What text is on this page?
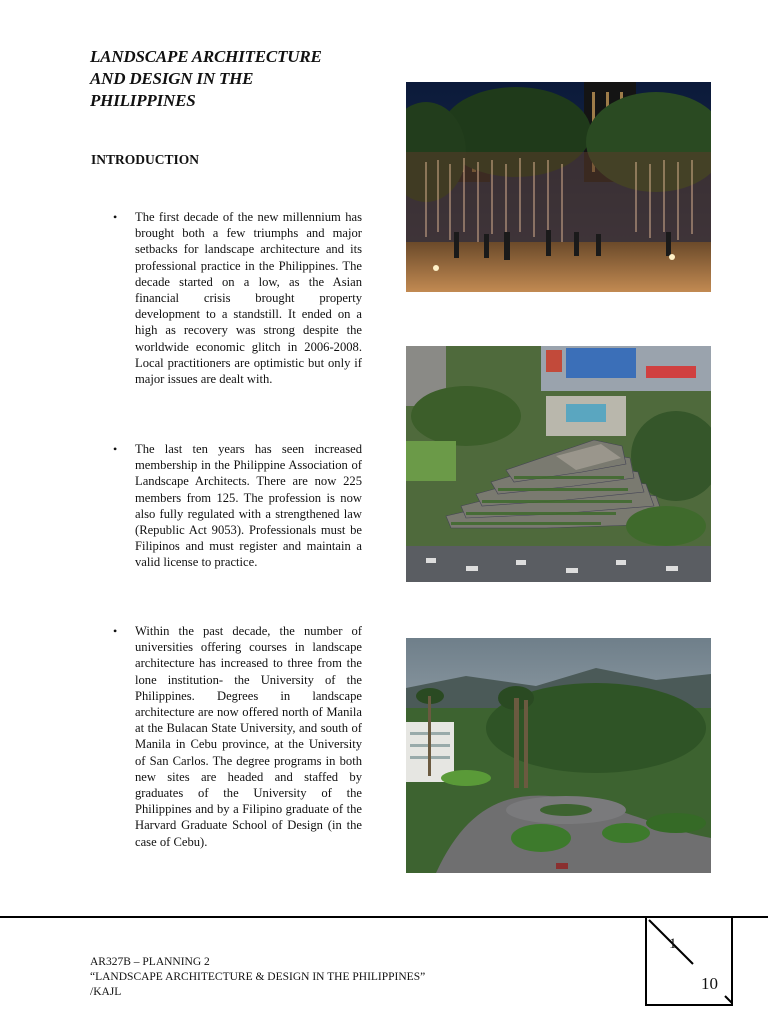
LANDSCAPE ARCHITECTURE
AND DESIGN IN THE
PHILIPPINES
INTRODUCTION
•	The first decade of the new millennium has brought both a few triumphs and major setbacks for landscape architecture and its professional practice in the Philippines. The decade started on a low, as the Asian financial crisis brought property development to a standstill. It ended on a high as recovery was strong despite the worldwide economic glitch in 2006-2008. Local practitioners are optimistic but only if major issues are dealt with.
•	The last ten years has seen increased membership in the Philippine Association of Landscape Architects. There are now 225 members from 125. The profession is now also fully regulated with a strengthened law (Republic Act 9053). Professionals must be Filipinos and must register and maintain a valid license to practice.
•	Within the past decade, the number of universities offering courses in landscape architecture has increased to three from the lone institution- the University of the Philippines. Degrees in landscape architecture are now offered north of Manila at the Bulacan State University, and south of Manila in Cebu province, at the University of San Carlos. The degree programs in both new sites are headed and staffed by graduates of the University of the Philippines and by a Filipino graduate of the Harvard Graduate School of Design (in the case of Cebu).
AR327B – PLANNING 2
“LANDSCAPE ARCHITECTURE & DESIGN IN THE PHILIPPINES”
/KAJL
1
10
